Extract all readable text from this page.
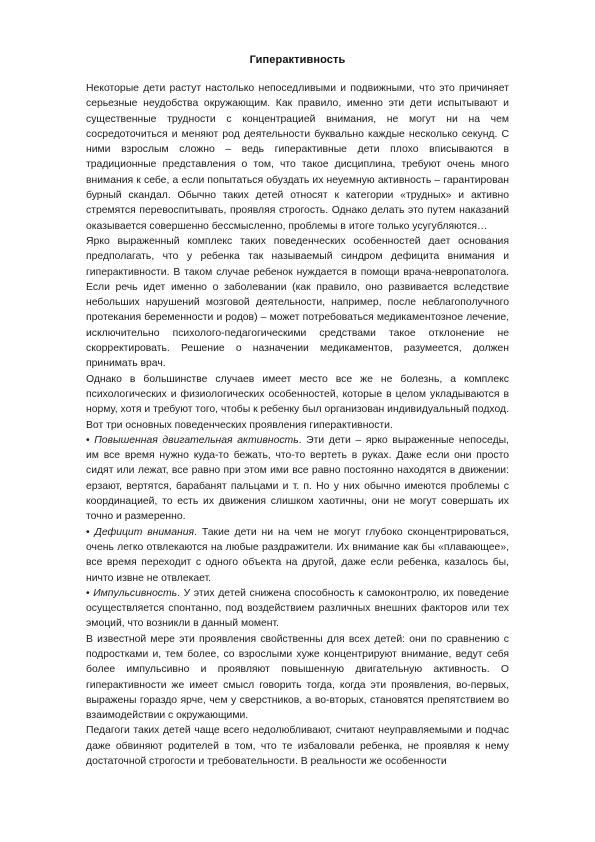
Гиперактивность

Некоторые дети растут настолько непоседливыми и подвижными, что это причиняет серьезные неудобства окружающим. Как правило, именно эти дети испытывают и существенные трудности с концентрацией внимания, не могут ни на чем сосредоточиться и меняют род деятельности буквально каждые несколько секунд. С ними взрослым сложно – ведь гиперактивные дети плохо вписываются в традиционные представления о том, что такое дисциплина, требуют очень много внимания к себе, а если попытаться обуздать их неуемную активность – гарантирован бурный скандал. Обычно таких детей относят к категории «трудных» и активно стремятся перевоспитывать, проявляя строгость. Однако делать это путем наказаний оказывается совершенно бессмысленно, проблемы в итоге только усугубляются…

Ярко выраженный комплекс таких поведенческих особенностей дает основания предполагать, что у ребенка так называемый синдром дефицита внимания и гиперактивности. В таком случае ребенок нуждается в помощи врача-невропатолога. Если речь идет именно о заболевании (как правило, оно развивается вследствие небольших нарушений мозговой деятельности, например, после неблагополучного протекания беременности и родов) – может потребоваться медикаментозное лечение, исключительно психолого-педагогическими средствами такое отклонение не скорректировать. Решение о назначении медикаментов, разумеется, должен принимать врач.

Однако в большинстве случаев имеет место все же не болезнь, а комплекс психологических и физиологических особенностей, которые в целом укладываются в норму, хотя и требуют того, чтобы к ребенку был организован индивидуальный подход. Вот три основных поведенческих проявления гиперактивности.

• Повышенная двигательная активность. Эти дети – ярко выраженные непоседы, им все время нужно куда-то бежать, что-то вертеть в руках. Даже если они просто сидят или лежат, все равно при этом ими все равно постоянно находятся в движении: ерзают, вертятся, барабанят пальцами и т. п. Но у них обычно имеются проблемы с координацией, то есть их движения слишком хаотичны, они не могут совершать их точно и размеренно.

• Дефицит внимания. Такие дети ни на чем не могут глубоко сконцентрироваться, очень легко отвлекаются на любые раздражители. Их внимание как бы «плавающее», все время переходит с одного объекта на другой, даже если ребенка, казалось бы, ничто извне не отвлекает.

• Импульсивность. У этих детей снижена способность к самоконтролю, их поведение осуществляется спонтанно, под воздействием различных внешних факторов или тех эмоций, что возникли в данный момент.

В известной мере эти проявления свойственны для всех детей: они по сравнению с подростками и, тем более, со взрослыми хуже концентрируют внимание, ведут себя более импульсивно и проявляют повышенную двигательную активность. О гиперактивности же имеет смысл говорить тогда, когда эти проявления, во-первых, выражены гораздо ярче, чем у сверстников, а во-вторых, становятся препятствием во взаимодействии с окружающими.

Педагоги таких детей чаще всего недолюбливают, считают неуправляемыми и подчас даже обвиняют родителей в том, что те избаловали ребенка, не проявляя к нему достаточной строгости и требовательности. В реальности же особенности
